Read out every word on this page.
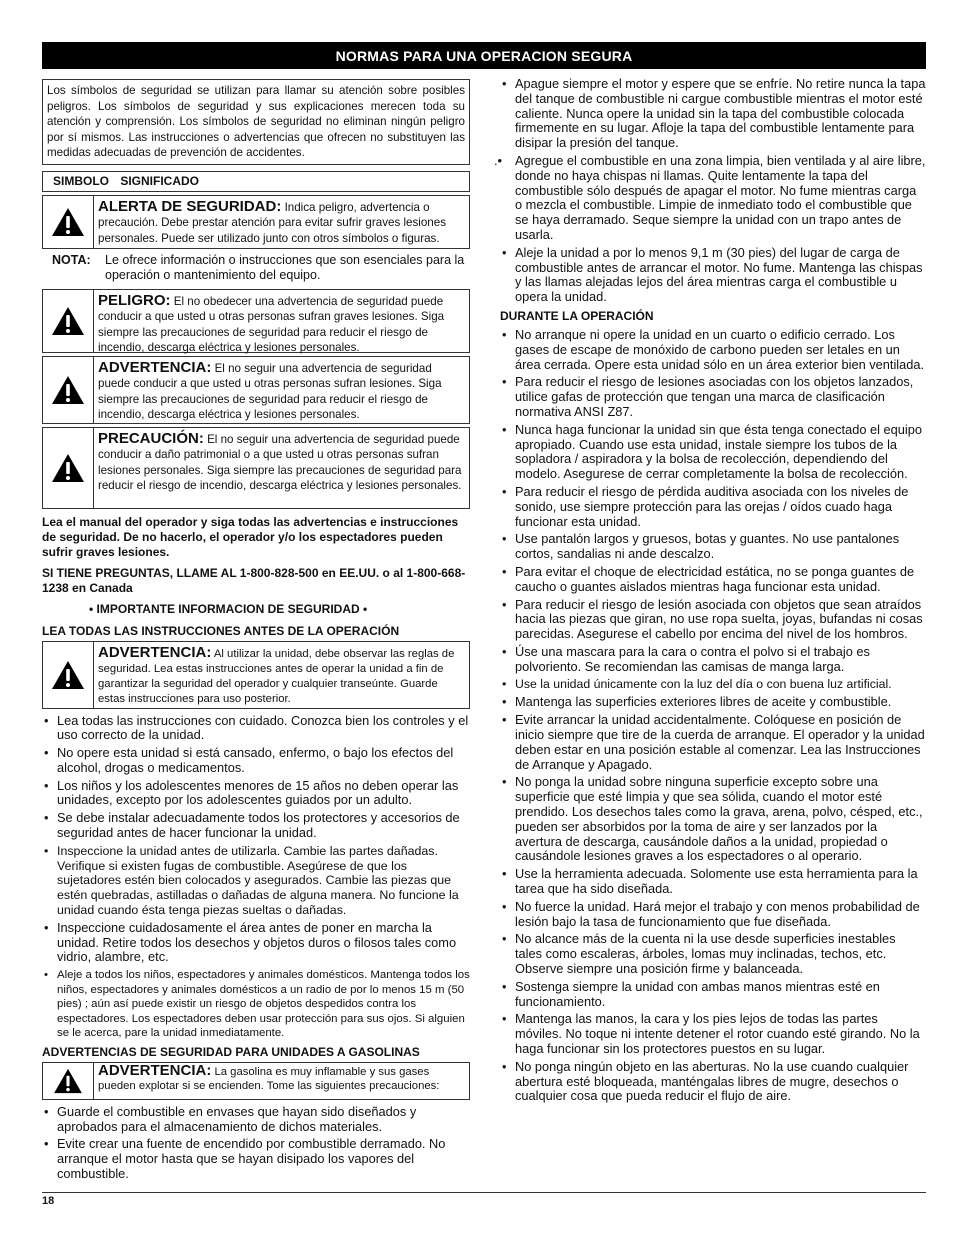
NORMAS PARA UNA OPERACION SEGURA
Los símbolos de seguridad se utilizan para llamar su atención sobre posibles peligros. Los símbolos de seguridad y sus explicaciones merecen toda su atención y comprensión. Los símbolos de seguridad no eliminan ningún peligro por sí mismos. Las instrucciones o advertencias que ofrecen no substituyen las medidas adecuadas de prevención de accidentes.
SIMBOLO SIGNIFICADO
ALERTA DE SEGURIDAD: Indica peligro, advertencia o precaución. Debe prestar atención para evitar sufrir graves lesiones personales. Puede ser utilizado junto con otros símbolos o figuras.
NOTA:	Le ofrece información o instrucciones que son esenciales para la operación o mantenimiento del equipo.
PELIGRO: El no obedecer una advertencia de seguridad puede conducir a que usted u otras personas sufran graves lesiones. Siga siempre las precauciones de seguridad para reducir el riesgo de incendio, descarga eléctrica y lesiones personales.
ADVERTENCIA: El no seguir una advertencia de seguridad puede conducir a que usted u otras personas sufran lesiones. Siga siempre las precauciones de seguridad para reducir el riesgo de incendio, descarga eléctrica y lesiones personales.
PRECAUCIÓN: El no seguir una advertencia de seguridad puede conducir a daño patrimonial o a que usted u otras personas sufran lesiones personales. Siga siempre las precauciones de seguridad para reducir el riesgo de incendio, descarga eléctrica y lesiones personales.
Lea el manual del operador y siga todas las advertencias e instrucciones de seguridad. De no hacerlo, el operador y/o los espectadores pueden sufrir graves lesiones.
SI TIENE PREGUNTAS, LLAME AL 1-800-828-500 en EE.UU. o al 1-800-668-1238 en Canada
• IMPORTANTE INFORMACION DE SEGURIDAD •
LEA TODAS LAS INSTRUCCIONES ANTES DE LA OPERACIÓN
ADVERTENCIA: Al utilizar la unidad, debe observar las reglas de seguridad. Lea estas instrucciones antes de operar la unidad a fin de garantizar la seguridad del operador y cualquier transeúnte. Guarde estas instrucciones para uso posterior.
• Lea todas las instrucciones con cuidado. Conozca bien los controles y el uso correcto de la unidad.
• No opere esta unidad si está cansado, enfermo, o bajo los efectos del alcohol, drogas o medicamentos.
• Los niños y los adolescentes menores de 15 años no deben operar las unidades, excepto por los adolescentes guiados por un adulto.
• Se debe instalar adecuadamente todos los protectores y accesorios de seguridad antes de hacer funcionar la unidad.
• Inspeccione la unidad antes de utilizarla. Cambie las partes dañadas. Verifique si existen fugas de combustible. Asegúrese de que los sujetadores estén bien colocados y asegurados. Cambie las piezas que estén quebradas, astilladas o dañadas de alguna manera. No funcione la unidad cuando ésta tenga piezas sueltas o dañadas.
• Inspeccione cuidadosamente el área antes de poner en marcha la unidad. Retire todos los desechos y objetos duros o filosos tales como vidrio, alambre, etc.
• Aleje a todos los niños, espectadores y animales domésticos. Mantenga todos los niños, espectadores y animales domésticos a un radio de por lo menos 15 m (50 pies) ; aún así puede existir un riesgo de objetos despedidos contra los espectadores. Los espectadores deben usar protección para sus ojos. Si alguien se le acerca, pare la unidad inmediatamente.
ADVERTENCIAS DE SEGURIDAD PARA UNIDADES A GASOLINAS
ADVERTENCIA: La gasolina es muy inflamable y sus gases pueden explotar si se encienden. Tome las siguientes precauciones:
• Guarde el combustible en envases que hayan sido diseñados y aprobados para el almacenamiento de dichos materiales.
• Evite crear una fuente de encendido por combustible derramado. No arranque el motor hasta que se hayan disipado los vapores del combustible.
• Apague siempre el motor y espere que se enfríe. No retire nunca la tapa del tanque de combustible ni cargue combustible mientras el motor esté caliente. Nunca opere la unidad sin la tapa del combustible colocada firmemente en su lugar. Afloje la tapa del combustible lentamente para disipar la presión del tanque.
.• Agregue el combustible en una zona limpia, bien ventilada y al aire libre, donde no haya chispas ni llamas. Quite lentamente la tapa del combustible sólo después de apagar el motor. No fume mientras carga o mezcla el combustible. Limpie de inmediato todo el combustible que se haya derramado. Seque siempre la unidad con un trapo antes de usarla.
• Aleje la unidad a por lo menos 9,1 m (30 pies) del lugar de carga de combustible antes de arrancar el motor. No fume. Mantenga las chispas y las llamas alejadas lejos del área mientras carga el combustible u opera la unidad.
DURANTE LA OPERACIÓN
• No arranque ni opere la unidad en un cuarto o edificio cerrado. Los gases de escape de monóxido de carbono pueden ser letales en un área cerrada. Opere esta unidad sólo en un área exterior bien ventilada.
• Para reducir el riesgo de lesiones asociadas con los objetos lanzados, utilice gafas de protección que tengan una marca de clasificación normativa ANSI Z87.
• Nunca haga funcionar la unidad sin que ésta tenga conectado el equipo apropiado. Cuando use esta unidad, instale siempre los tubos de la sopladora / aspiradora y la bolsa de recolección, dependiendo del modelo. Asegurese de cerrar completamente la bolsa de recolección.
• Para reducir el riesgo de pérdida auditiva asociada con los niveles de sonido, use siempre protección para las orejas / oídos cuado haga funcionar esta unidad.
• Use pantalón largos y gruesos, botas y guantes. No use pantalones cortos, sandalias ni ande descalzo.
• Para evitar el choque de electricidad estática, no se ponga guantes de caucho o guantes aislados mientras haga funcionar esta unidad.
• Para reducir el riesgo de lesión asociada con objetos que sean atraídos hacia las piezas que giran, no use ropa suelta, joyas, bufandas ni cosas parecidas. Asegurese el cabello por encima del nivel de los hombros.
• Úse una mascara para la cara o contra el polvo si el trabajo es polvoriento. Se recomiendan las camisas de manga larga.
• Use la unidad únicamente con la luz del día o con buena luz artificial.
• Mantenga las superficies exteriores libres de aceite y combustible.
• Evite arrancar la unidad accidentalmente. Colóquese en posición de inicio siempre que tire de la cuerda de arranque. El operador y la unidad deben estar en una posición estable al comenzar. Lea las Instrucciones de Arranque y Apagado.
• No ponga la unidad sobre ninguna superficie excepto sobre una superficie que esté limpia y que sea sólida, cuando el motor esté prendido. Los desechos tales como la grava, arena, polvo, césped, etc., pueden ser absorbidos por la toma de aire y ser lanzados por la avertura de descarga, causándole daños a la unidad, propiedad o causándole lesiones graves a los espectadores o al operario.
• Use la herramienta adecuada. Solomente use esta herramienta para la tarea que ha sido diseñada.
• No fuerce la unidad. Hará mejor el trabajo y con menos probabilidad de lesión bajo la tasa de funcionamiento que fue diseñada.
• No alcance más de la cuenta ni la use desde superficies inestables tales como escaleras, árboles, lomas muy inclinadas, techos, etc. Observe siempre una posición firme y balanceada.
• Sostenga siempre la unidad con ambas manos mientras esté en funcionamiento.
• Mantenga las manos, la cara y los pies lejos de todas las partes móviles. No toque ni intente detener el rotor cuando esté girando. No la haga funcionar sin los protectores puestos en su lugar.
• No ponga ningún objeto en las aberturas. No la use cuando cualquier abertura esté bloqueada, manténgalas libres de mugre, desechos o cualquier cosa que pueda reducir el flujo de aire.
18
